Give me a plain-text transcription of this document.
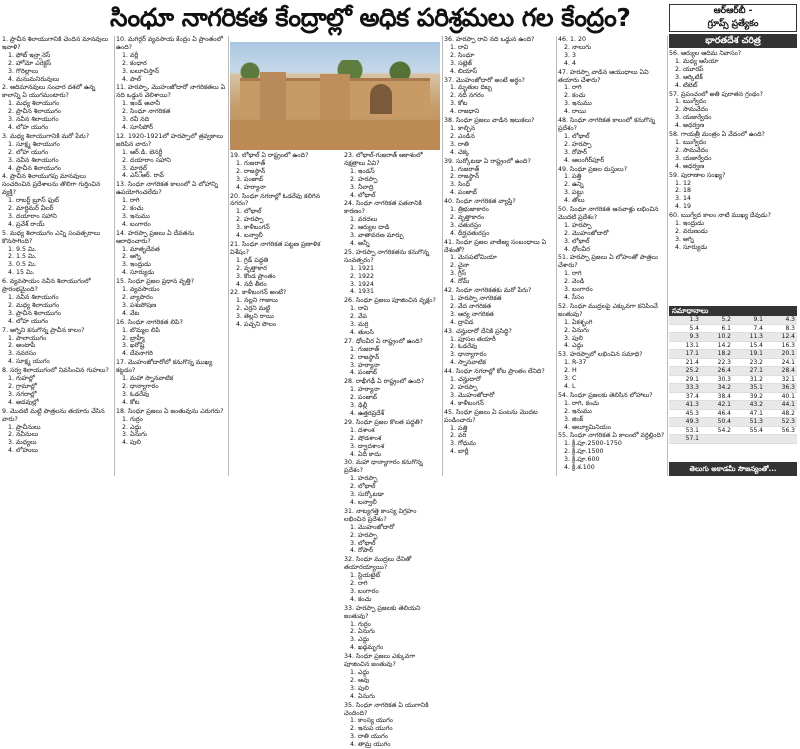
సింధూ నాగరికత కేంద్రాల్లో అధిక పరిశ్రమలు గల కేంద్రం?	ఆర్ఆర్‌బీ -
గ్రూప్స్ ప్రత్యేకం
భారతదేశ చరిత్ర
1. ప్రాచీన శిలాయుగానికి చెందిన మానవులు ఇవాళి?
1. ఫోట్ ఇన్ర్గానెస్
2. హోమో ఎరెక్టస్
3. గొరిల్లాలు
4. మనుమనిరువులు
2. ఆదిమానవులు సంచార దశలో ఉన్న కాలాన్ని ఏ యుగమంటారు?
1. మధ్య శిలాయుగం
2. ప్రాచీన శిలాయుగం
3. నవీన శిలాయుగం
4. లోహ యుగం
3. మధ్య శిలాయుగానికి మరో పేరు?
1. సూక్ష్మ శిలాయుగం
2. లోహ యుగం
3. నవీన శిలాయుగం
4. ప్రాచీన శిలాయుగం
4. ప్రాచీన శిలాయుగపు మానవులు సంచరించిన ప్రదేశాలను తొలిగా గుర్తించిన వ్యక్తి?
1. రాబర్ట్ బ్రూస్ ఫుట్
2. మార్టిమర్ వీలర్
3. దయారాం సహాని
4. ప్రవేశ్ రాయ్
5. మధ్య శిలాయుగం ఎన్ని సంవత్సరాలు కొనసాగింది?
1. 9.5 మి.
2. 1.5 మి.
3. 0.5 మి.
4. 15 మి.
6. వ్యవసాయం నవీన శిలాయుగంలో ప్రారంభమైంది?
1. నవీన శిలాయుగం
2. మధ్య శిలాయుగం
3. ప్రాచీన శిలాయుగం
4. లోహ యుగం
7. అగ్నిని కనుగొన్న ప్రాచీన కాలం?
1. పాలాయుగం
2. అంటాపీ
3. నవరసం
4. సూక్ష్మ యుగం
8. సర్వ శిలాయుగంలో నివసించిన గుహలు?
1. గుహల్లో
2. గ్రామాల్లో
3. నగరాల్లో
4. అడవుల్లో
9. మొదటి మట్టి పాత్రలను తయారు చేసిన వారు?
1. ప్రాచీనులు
2. నవీనులు
3. మధ్యలు
4. లోహులు
10. మగిర్గర్ వ్యవసాయ కేంద్రం ఏ ప్రాంతంలో ఉంది?
1. వర్లీ
2. కంధార
3. బలూచిస్తాన్
4. పాల్
11. హరప్పా, మొహంజోదారో నాగరికతలు ఏ నది ఒడ్డున వెలిశాయి?
1. ఇండ్ అవానీ
2. సింధూ నాగరికత
3. రవీ నది
4. సూసిపోర్
12. 1920-1921లో హరప్పాలో త్రవ్వకాలు జరిపిన వారు?
1. ఆర్.డి. బెనర్జీ
2. దయారాం సహాని
3. మార్షల్
4. ఎస్.ఆర్. రావ్
13. సింధూ నాగరికత కాలంలో ఏ లోహాన్ని ఉపయోగించలేదు?
1. రాగి
2. కంచు
3. ఇనుము
4. బంగారం
14. హరప్పా ప్రజలు ఏ దేవతను ఆరాధించారు?
1. మాతృదేవత
2. అగ్ని
3. ఇంద్రుడు
4. సూర్యుడు
15. సింధూ ప్రజల ప్రధాన వృత్తి?
1. వ్యవసాయం
2. వ్యాపారం
3. పశుపోషణ
4. వేట
16. సింధూ నాగరికత లిపి?
1. బొమ్మల లిపి
2. బ్రాహ్మీ
3. ఖరోష్టి
4. దేవనాగరి
17. మొహంజోదారోలో కనుగొన్న ముఖ్య కట్టడం?
1. మహా స్నానవాటిక
2. ధాన్యాగారం
3. ఓడరేవు
4. కోట
18. సింధూ ప్రజలు ఏ జంతువును ఎరుగరు?
1. గుర్రం
2. ఎద్దు
3. ఏనుగు
4. పులి
19. లోథాల్ ఏ రాష్ట్రంలో ఉంది?
1. గుజరాత్
2. రాజస్థాన్
3. పంజాబ్
4. హర్యానా
20. సింధూ నగరాల్లో ఓడరేవు కలిగిన నగరం?
1. లోథాల్
2. హరప్పా
3. కాళీబంగన్
4. బన్వాలీ
21. సింధూ నాగరికత పట్టణ ప్రణాళిక విశేషం?
1. గ్రిడ్ పద్ధతి
2. వృత్తాకార
3. కొండ ప్రాంతం
4. నదీ తీరం
22. కాళీబంగన్ అంటే?
1. నల్లని గాజులు
2. ఎర్రని మట్టి
3. తెల్లని రాయి
4. పచ్చని పొలం
23. లోథాల్-గుజరాత్ ఆకాశంలో నక్షత్రాలు ఏవి?
1. ఇండస్
2. హరప్పా
3. నీలాద్రి
4. లోథాల్
24. సింధూ నాగరికత పతనానికి కారణం?
1. వరదలు
2. ఆర్యుల దాడి
3. వాతావరణ మార్పు
4. అన్నీ
25. హరప్పా నాగరికతను కనుగొన్న సంవత్సరం?
1. 1921
2. 1922
3. 1924
4. 1931
26. సింధూ ప్రజలు పూజించిన వృక్షం?
1. రావి
2. వేప
3. మర్రి
4. తులసి
27. ధోలవీర ఏ రాష్ట్రంలో ఉంది?
1. గుజరాత్
2. రాజస్థాన్
3. హర్యానా
4. పంజాబ్
28. రాఖీగఢీ ఏ రాష్ట్రంలో ఉంది?
1. హర్యానా
2. పంజాబ్
3. ఢిల్లీ
4. ఉత్తరప్రదేశ్
29. సింధూ ప్రజల కొలత పద్ధతి?
1. దశాంశ
2. షోడశాంశ
3. ద్వాదశాంశ
4. ఏదీ కాదు
30. మహా ధాన్యాగారం కనుగొన్న ప్రదేశం?
1. హరప్పా
2. లోథాల్
3. సుర్కోటడా
4. బన్వాలీ
31. నాట్యగత్తె కాంస్య విగ్రహం లభించిన ప్రదేశం?
1. మొహంజోదారో
2. హరప్పా
3. లోథాల్
4. రోపార్
32. సింధూ ముద్రలు దేనితో తయారయ్యాయి?
1. స్టియటైట్
2. రాగి
3. బంగారం
4. కంచు
33. హరప్పా ప్రజలకు తెలియని జంతువు?
1. గుర్రం
2. ఏనుగు
3. ఎద్దు
4. ఖడ్గమృగం
34. సింధూ ప్రజలు ఎక్కువగా పూజించిన జంతువు?
1. ఎద్దు
2. ఆవు
3. పులి
4. ఏనుగు
35. సింధూ నాగరికత ఏ యుగానికి చెందింది?
1. కాంస్య యుగం
2. ఇనుప యుగం
3. రాతి యుగం
4. తామ్ర యుగం
36. హరప్పా రావి నది ఒడ్డున ఉంది?
1. రావి
2. సింధూ
3. సట్లెజ్
4. బియాస్
37. మొహంజోదారో అంటే అర్థం?
1. మృతుల దిబ్బ
2. నదీ నగరం
3. కోట
4. రాజధాని
38. సింధూ ప్రజలు వాడిన ఇటుకలు?
1. కాల్చిన
2. ఎండిన
3. రాతి
4. చెక్క
39. సుర్కోటడా ఏ రాష్ట్రంలో ఉంది?
1. గుజరాత్
2. రాజస్థాన్
3. సింధ్
4. పంజాబ్
40. సింధూ నాగరికత వ్యాప్తి?
1. త్రిభుజాకారం
2. వృత్తాకారం
3. చతురస్రం
4. దీర్ఘచతురస్రం
41. సింధూ ప్రజల వాణిజ్య సంబంధాలు ఏ దేశంతో?
1. మెసపటోమియా
2. చైనా
3. గ్రీస్
4. రోమ్
42. సింధూ నాగరికతకు మరో పేరు?
1. హరప్పా నాగరికత
2. వేద నాగరికత
3. ఆర్య నాగరికత
4. ద్రావిడ
43. చన్హుదారో దేనికి ప్రసిద్ధి?
1. పూసల తయారీ
2. ఓడరేవు
3. ధాన్యాగారం
4. స్నానవాటిక
44. సింధూ నగరాల్లో కోట ప్రాంతం లేనిది?
1. చన్హుదారో
2. హరప్పా
3. మొహంజోదారో
4. కాళీబంగన్
45. సింధూ ప్రజలు ఏ పంటను మొదట పండించారు?
1. పత్తి
2. వరి
3. గోధుమ
4. బార్లీ
46. 1. 20
2. నాలుగు
3. 3
4. 4
47. హరప్పా వాడిన ఆయుధాలు ఏవి తయారు చేశారు?
1. రాగి
2. కంచు
3. ఇనుము
4. రాయి
48. సింధూ నాగరికత కాలంలో కనుగొన్న ప్రదేశం?
1. లోథాల్
2. హరప్పా
3. రోపార్
4. ఆలంగీర్‌పూర్
49. సింధూ ప్రజల దుస్తులు?
1. పత్తి
2. ఉన్ని
3. పట్టు
4. తోలు
50. సింధూ నాగరికత ఆనవాళ్లు లభించిన మొదటి ప్రదేశం?
1. హరప్పా
2. మొహంజోదారో
3. లోథాల్
4. ధోలవీర
51. హరప్పా ప్రజలు ఏ లోహంతో పాత్రలు చేశారు?
1. రాగి
2. వెండి
3. బంగారం
4. సీసం
52. సింధూ ముద్రలపై ఎక్కువగా కనిపించే జంతువు?
1. ఏకశృంగి
2. ఏనుగు
3. పులి
4. ఎద్దు
53. హరప్పాలో లభించిన సమాధి?
1. R-37
2. H
3. C
4. L
54. సింధూ ప్రజలకు తెలిసిన లోహాలు?
1. రాగి, కంచు
2. ఇనుము
3. జింక్
4. అల్యూమినియం
55. సింధూ నాగరికత ఏ కాలంలో వర్ధిల్లింది?
1. క్రీ.పూ.2500-1750
2. క్రీ.పూ.1500
3. క్రీ.పూ.600
4. క్రీ.శ.100
56. ఆర్యుల ఆదిమ నివాసం?
1. మధ్య ఆసియా
2. యూరప్
3. ఆర్కిటిక్
4. టిబెట్
57. ప్రపంచంలో అతి పురాతన గ్రంథం?
1. ఋగ్వేదం
2. సామవేదం
3. యజుర్వేదం
4. అధర్వణ
58. గాయత్రీ మంత్రం ఏ వేదంలో ఉంది?
1. ఋగ్వేదం
2. సామవేదం
3. యజుర్వేదం
4. అధర్వణ
59. పురాణాల సంఖ్య?
1. 12
2. 18
3. 14
4. 19
60. ఋగ్వేద కాలం నాటి ముఖ్య దేవుడు?
1. ఇంద్రుడు
2. వరుణుడు
3. అగ్ని
4. సూర్యుడు
సమాధానాలు
1.3	5.2	9.1	4.3
5.4	6.1	7.4	8.3
9.3	10.2	11.3	12.4
13.1	14.2	15.4	16.3
17.1	18.2	19.1	20.1
21.4	22.3	23.2	24.1
25.2	26.4	27.1	28.4
29.1	30.3	31.2	32.1
33.3	34.2	35.1	36.3
37.4	38.4	39.2	40.1
41.3	42.1	43.2	44.1
45.3	46.4	47.1	48.2
49.3	50.4	51.3	52.3
53.1	54.2	55.4	56.3
57.1			
తెలుగు అకాడమీ సౌజన్యంతో...
